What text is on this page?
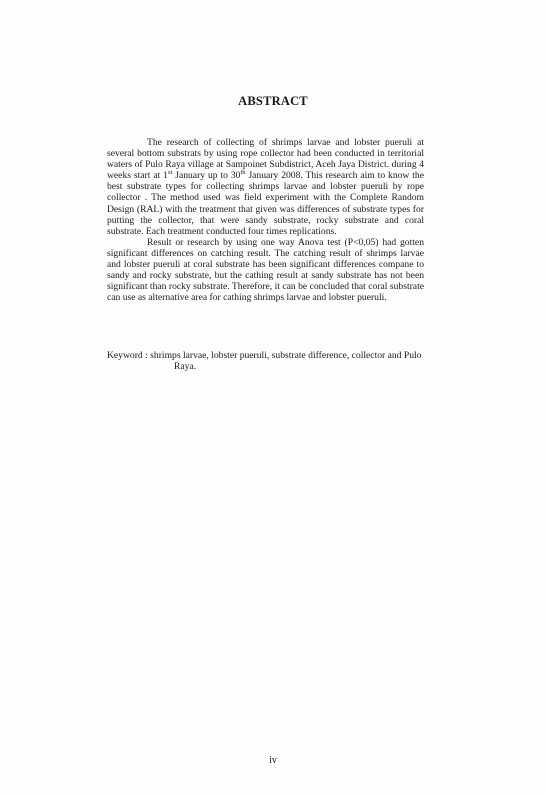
ABSTRACT

The research of collecting of shrimps larvae and lobster pueruli at several bottom substrats by using rope collector had been conducted in territorial waters of Pulo Raya village at Sampoinet Subdistrict, Aceh Jaya District. during 4 weeks start at 1st January up to 30th January 2008. This research aim to know the best substrate types for collecting shrimps larvae and lobster pueruli by rope collector . The method used was field experiment with the Complete Random Design (RAL) with the treatment that given was differences of substrate types for putting the collector, that were sandy substrate, rocky substrate and coral substrate. Each treatment conducted four times replications.

Result or research by using one way Anova test (P<0,05) had gotten significant differences on catching result. The catching result of shrimps larvae and lobster pueruli at coral substrate has been significant differences compane to sandy and rocky substrate, but the cathing result at sandy substrate has not been significant than rocky substrate. Therefore, it can be concluded that coral substrate can use as alternative area for cathing shrimps larvae and lobster pueruli.

Keyword : shrimps larvae, lobster pueruli, substrate difference, collector and Pulo
Raya.
iv
